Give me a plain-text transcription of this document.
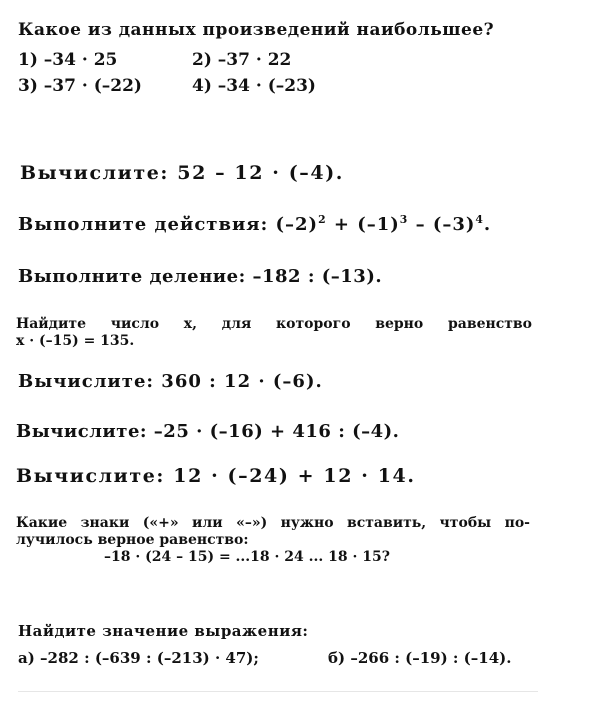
Какое из данных произведений наибольшее?
1) –34 · 25	2) –37 · 22
3) –37 · (–22)	4) –34 · (–23)
Вычислите: 52 – 12 · (–4).
Выполните действия: $(-2)^2 + (-1)^3 - (-3)^4$.
Выполните деление: –182 : (–13).
Найдите число x, для которого верно равенство
x · (–15) = 135.
Вычислите: 360 : 12 · (–6).
Вычислите: –25 · (–16) + 416 : (–4).
Вычислите: 12 · (–24) + 12 · 14.
Какие знаки («+» или «–») нужно вставить, чтобы по-
лучилось верное равенство:
–18 · (24 – 15) = ...18 · 24 ... 18 · 15?
Найдите значение выражения:
а) –282 : (–639 : (–213) · 47);	б) –266 : (–19) : (–14).
